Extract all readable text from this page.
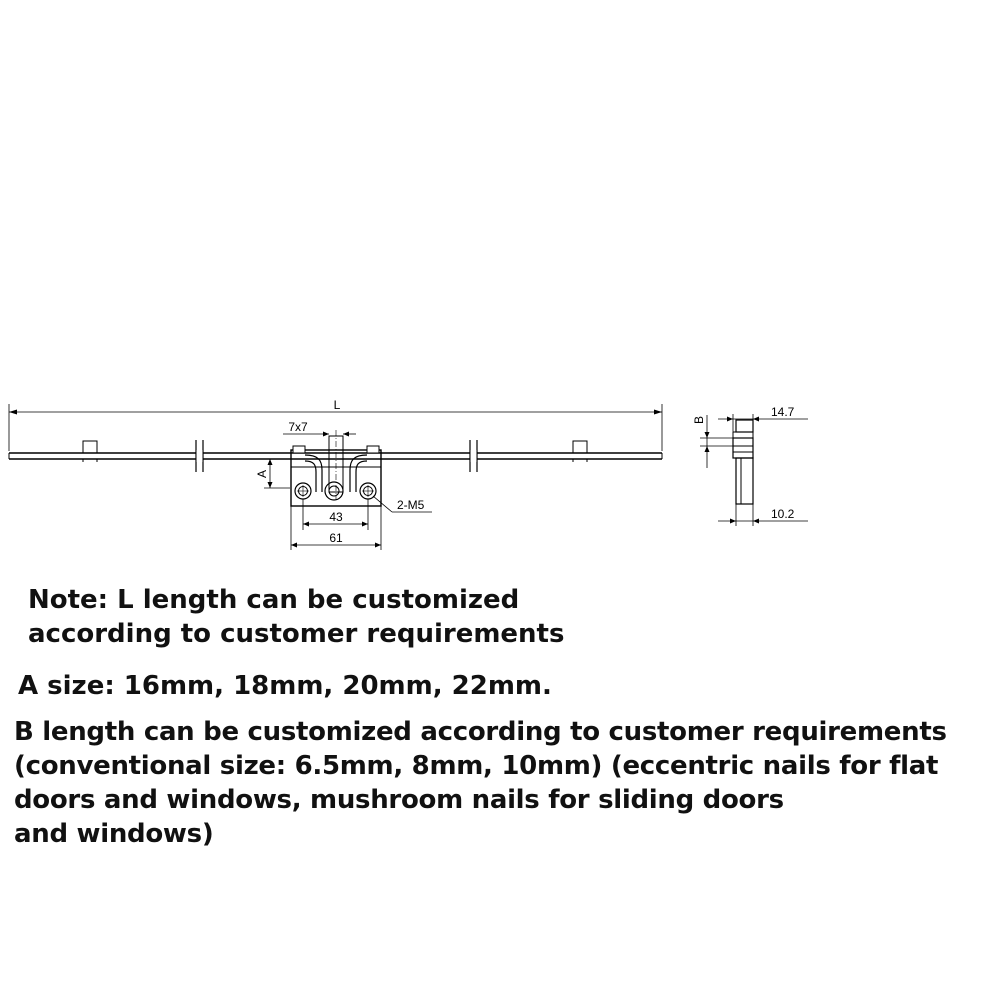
L
7x7
A
43
61
2-M5
B
14.7
10.2

Note: L length can be customized
according to customer requirements

A size: 16mm, 18mm, 20mm, 22mm.

B length can be customized according to customer requirements
(conventional size: 6.5mm, 8mm, 10mm) (eccentric nails for flat
doors and windows, mushroom nails for sliding doors
and windows)
